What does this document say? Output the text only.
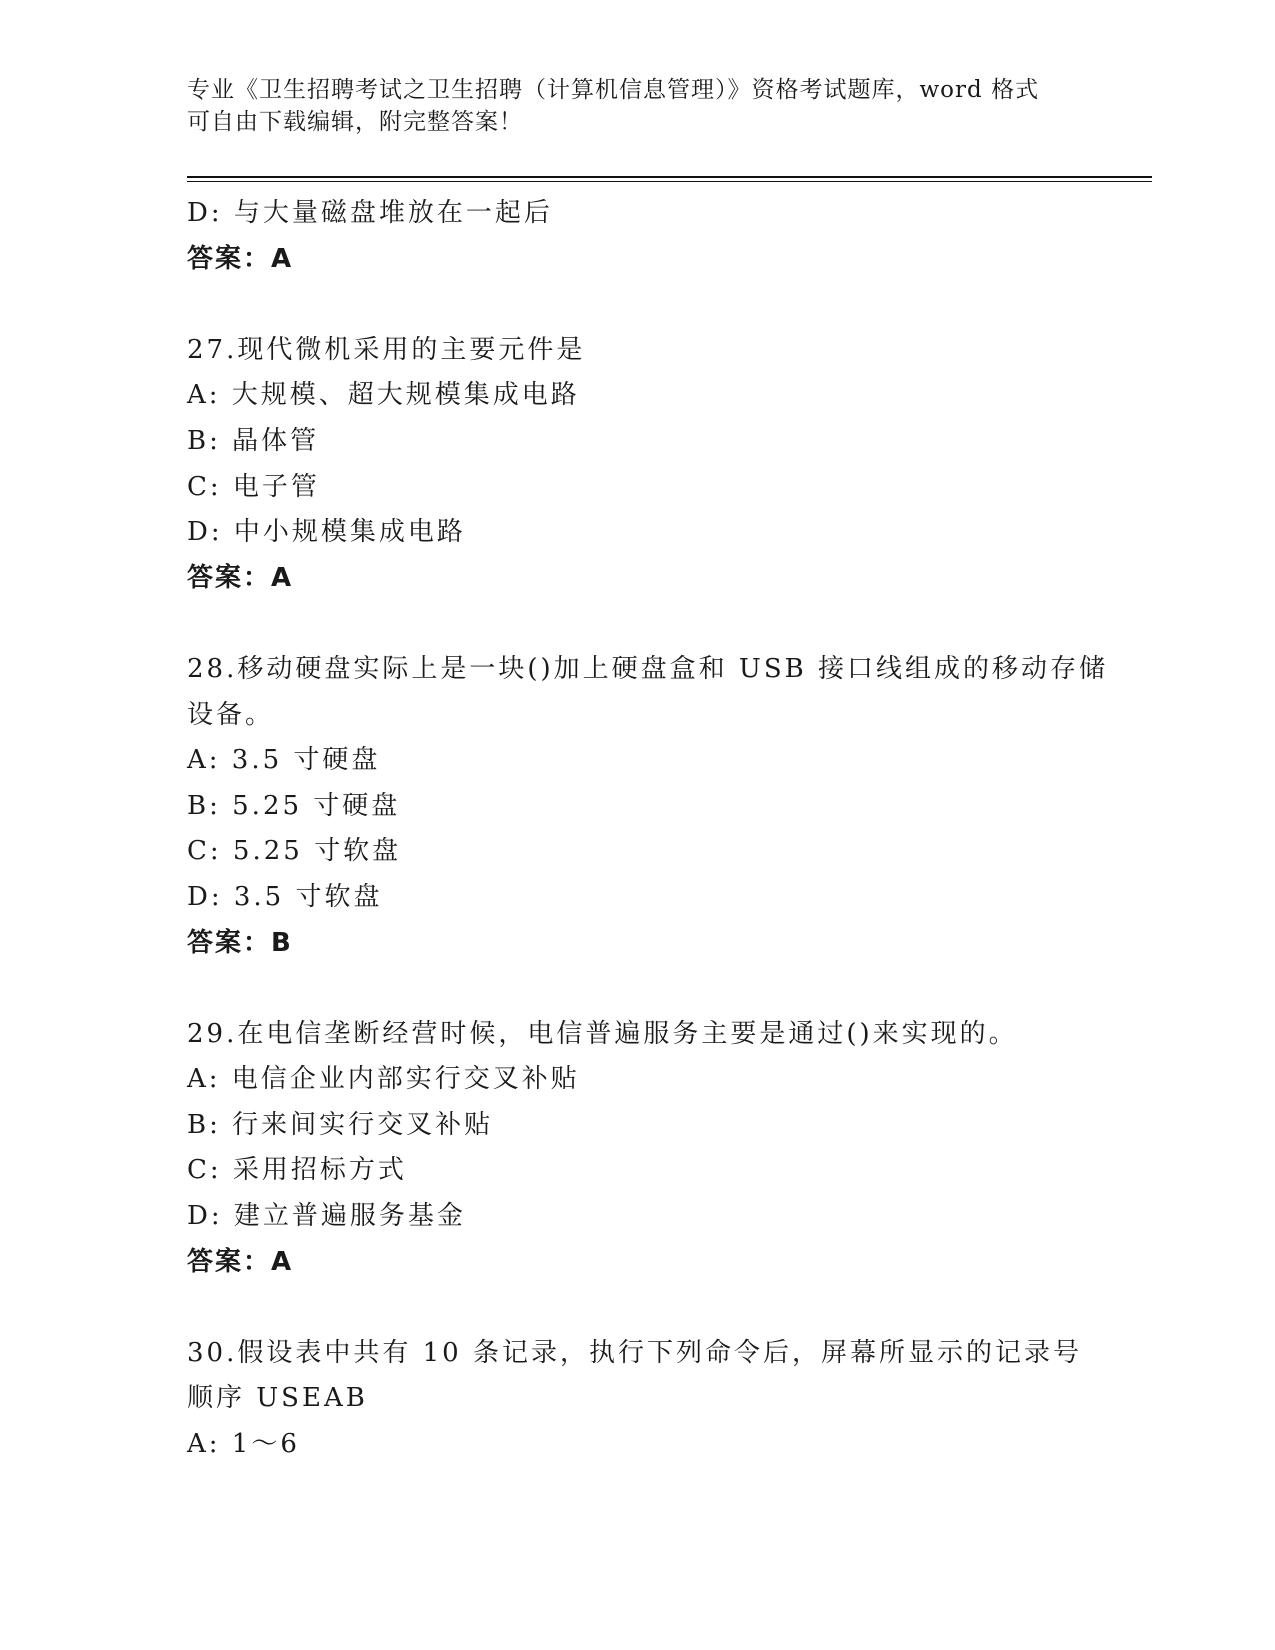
专业《卫生招聘考试之卫生招聘（计算机信息管理）》资格考试题库，word 格式
可自由下载编辑，附完整答案！
D: 与大量磁盘堆放在一起后
答案：A
27.现代微机采用的主要元件是
A: 大规模、超大规模集成电路
B: 晶体管
C: 电子管
D: 中小规模集成电路
答案：A
28.移动硬盘实际上是一块()加上硬盘盒和 USB 接口线组成的移动存储
设备。
A: 3.5 寸硬盘
B: 5.25 寸硬盘
C: 5.25 寸软盘
D: 3.5 寸软盘
答案：B
29.在电信垄断经营时候，电信普遍服务主要是通过()来实现的。
A: 电信企业内部实行交叉补贴
B: 行来间实行交叉补贴
C: 采用招标方式
D: 建立普遍服务基金
答案：A
30.假设表中共有 10 条记录，执行下列命令后，屏幕所显示的记录号
顺序 USEAB
A: 1～6
